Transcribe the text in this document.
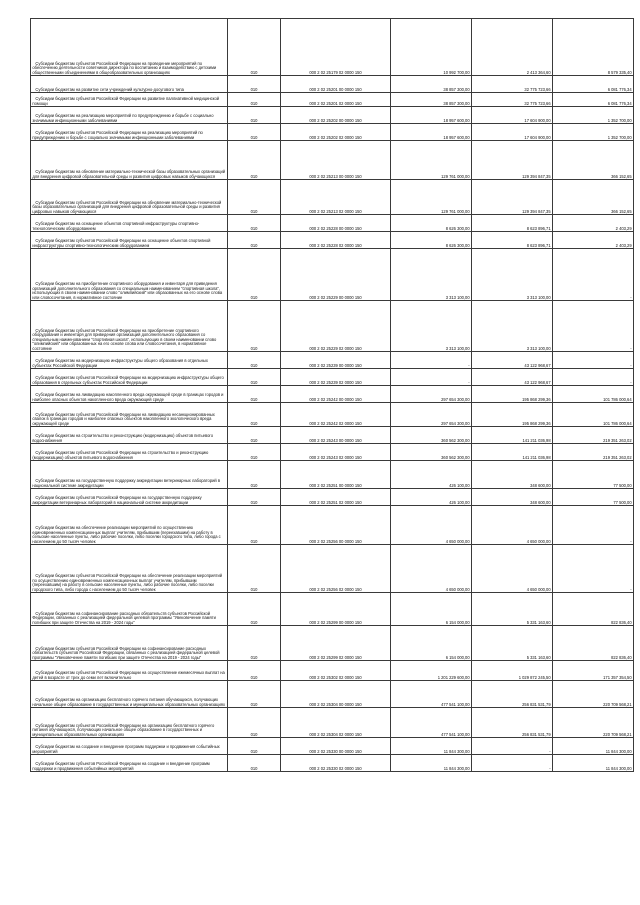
Субсидии бюджетам субъектов Российской Федерации на проведение мероприятий по обеспечению деятельности советников директора по воспитанию и взаимодействию с детскими общественными объединениями в общеобразовательных организациях	010	000 2 02 25179 02 0000 150	10 992 700,00	2 413 364,60	8 579 335,40
Субсидии бюджетам на развитие сети учреждений культурно-досугового типа	010	000 2 02 25201 00 0000 150	38 857 300,00	32 775 723,66	6 081 776,34
Субсидии бюджетам субъектов Российской Федерации на развитие паллиативной медицинской помощи	010	000 2 02 25201 02 0000 150	38 857 300,00	32 775 723,66	6 081 776,34
Субсидии бюджетам на реализацию мероприятий по предупреждению и борьбе с социально значимыми инфекционными заболеваниями	010	000 2 02 25202 00 0000 150	18 957 600,00	17 604 900,00	1 352 700,00
Субсидии бюджетам субъектов Российской Федерации на реализацию мероприятий по предупреждению и борьбе с социально значимыми инфекционными заболеваниями	010	000 2 02 25202 02 0000 150	18 957 600,00	17 604 900,00	1 352 700,00
Субсидии бюджетам на обновление материально-технической базы образовательных организаций для внедрения цифровой образовательной среды и развития цифровых навыков обучающихся	010	000 2 02 25213 00 0000 150	129 761 000,00	129 394 847,35	366 152,65
Субсидии бюджетам субъектов Российской Федерации на обновление материально-технической базы образовательных организаций для внедрения цифровой образовательной среды и развития цифровых навыков обучающихся	010	000 2 02 25213 02 0000 150	129 761 000,00	129 394 847,35	366 152,65
Субсидии бюджетам на оснащение объектов спортивной инфраструктуры спортивно-технологическим оборудованием	010	000 2 02 25228 00 0000 150	8 626 300,00	8 623 896,71	2 403,29
Субсидии бюджетам субъектов Российской Федерации на оснащение объектов спортивной инфраструктуры спортивно-технологическим оборудованием	010	000 2 02 25228 02 0000 150	8 626 300,00	8 623 896,71	2 403,29
Субсидии бюджетам на приобретение спортивного оборудования и инвентаря для приведения организаций дополнительного образования со специальным наименованием "спортивная школа", использующих в своем наименовании слово "олимпийский" или образованных на его основе слова или словосочетания, в нормативное состояние	010	000 2 02 25229 00 0000 150	3 313 100,00	3 313 100,00	-
Субсидии бюджетам субъектов Российской Федерации на приобретение спортивного оборудования и инвентаря для приведения организаций дополнительного образования со специальным наименованием "спортивная школа", использующих в своем наименовании слово "олимпийский" или образованных на его основе слова или словосочетания, в нормативное состояние	010	000 2 02 25229 02 0000 150	3 313 100,00	3 313 100,00	-
Субсидии бюджетам на модернизацию инфраструктуры общего образования в отдельных субъектах Российской Федерации	010	000 2 02 25239 00 0000 150	-	43 122 968,67	-
Субсидии бюджетам субъектов Российской Федерации на модернизацию инфраструктуры общего образования в отдельных субъектах Российской Федерации	010	000 2 02 25239 02 0000 150	-	43 122 968,67	-
Субсидии бюджетам на ликвидацию накопленного вреда окружающей среде в границах городов и наиболее опасных объектов накопленного вреда окружающей среде	010	000 2 02 25242 00 0000 150	297 654 300,00	195 868 299,36	101 786 000,64
Субсидии бюджетам субъектов Российской Федерации на ликвидацию несанкционированных свалок в границах городов и наиболее опасных объектов накопленного экологического вреда окружающей среде	010	000 2 02 25242 02 0000 150	297 654 300,00	195 868 299,36	101 786 000,64
Субсидии бюджетам на строительство и реконструкцию (модернизацию) объектов питьевого водоснабжения	010	000 2 02 25243 00 0000 150	360 562 300,00	141 211 036,98	219 351 263,02
Субсидии бюджетам субъектов Российской Федерации на строительство и реконструкцию (модернизацию) объектов питьевого водоснабжения	010	000 2 02 25243 02 0000 150	360 562 300,00	141 211 036,98	219 351 263,02
Субсидии бюджетам на государственную поддержку аккредитации ветеринарных лабораторий в национальной системе аккредитации	010	000 2 02 25251 00 0000 150	426 100,00	348 600,00	77 500,00
Субсидии бюджетам субъектов Российской Федерации на государственную поддержку аккредитации ветеринарных лабораторий в национальной системе аккредитации	010	000 2 02 25251 02 0000 150	426 100,00	348 600,00	77 500,00
Субсидии бюджетам на обеспечение реализации мероприятий по осуществлению единовременных компенсационных выплат учителям, прибывшим (переехавшим) на работу в сельские населенные пункты, либо рабочие поселки, либо поселки городского типа, либо города с населением до 50 тысяч человек	010	000 2 02 25256 00 0000 150	4 650 000,00	4 650 000,00	-
Субсидии бюджетам субъектов Российской Федерации на обеспечение реализации мероприятий по осуществлению единовременных компенсационных выплат учителям, прибывшим (переехавшим) на работу в сельские населенные пункты, либо рабочие поселки, либо поселки городского типа, либо города с населением до 50 тысяч человек	010	000 2 02 25256 02 0000 150	4 650 000,00	4 650 000,00	-
Субсидии бюджетам на софинансирование расходных обязательств субъектов Российской Федерации, связанных с реализацией федеральной целевой программы "Увековечение памяти погибших при защите Отечества на 2019 - 2024 годы"	010	000 2 02 25299 00 0000 150	6 154 000,00	5 331 163,60	822 836,40
Субсидии бюджетам субъектов Российской Федерации на софинансирование расходных обязательств субъектов Российской Федерации, связанных с реализацией федеральной целевой программы "Увековечение памяти погибших при защите Отечества на 2019 - 2024 годы"	010	000 2 02 25299 02 0000 150	6 154 000,00	5 331 163,60	822 836,40
Субсидии бюджетам субъектов Российской Федерации на осуществление ежемесячных выплат на детей в возрасте от трех до семи лет включительно	010	000 2 02 25302 02 0000 150	1 201 229 600,00	1 029 872 245,50	171 357 354,50
Субсидии бюджетам на организацию бесплатного горячего питания обучающихся, получающих начальное общее образование в государственных и муниципальных образовательных организациях	010	000 2 02 25304 00 0000 150	477 541 100,00	256 831 531,79	220 709 568,21
Субсидии бюджетам субъектов Российской Федерации на организацию бесплатного горячего питания обучающихся, получающих начальное общее образование в государственных и муниципальных образовательных организациях	010	000 2 02 25304 02 0000 150	477 541 100,00	256 831 531,79	220 709 568,21
Субсидии бюджетам на создание и внедрение программ поддержки и продвижения событийных мероприятий	010	000 2 02 25330 00 0000 150	11 844 300,00	-	11 844 300,00
Субсидии бюджетам субъектов Российской Федерации на создание и внедрение программ поддержки и продвижения событийных мероприятий	010	000 2 02 25330 02 0000 150	11 844 300,00	-	11 844 300,00
